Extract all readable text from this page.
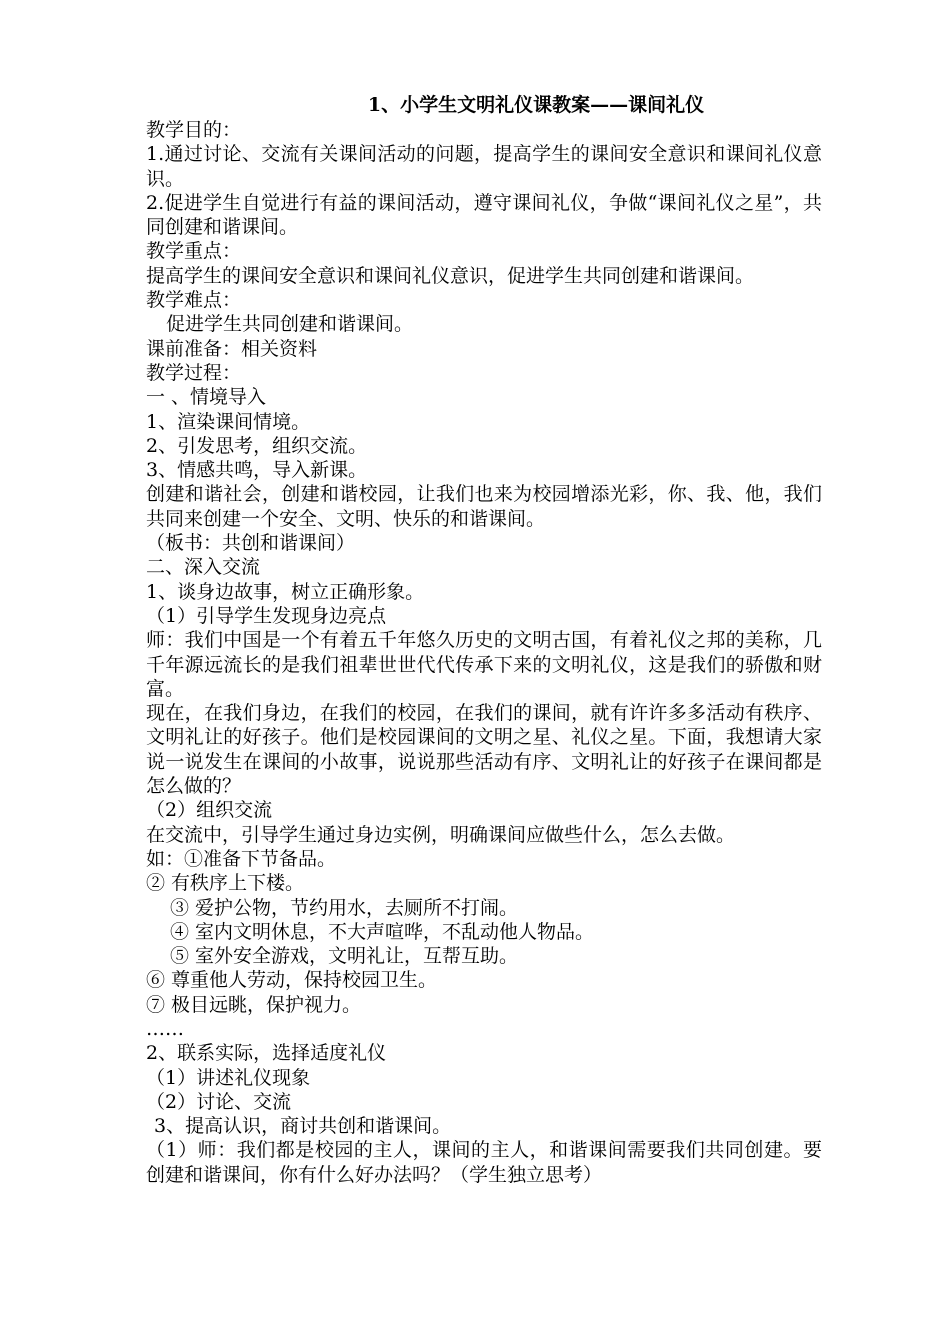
1、小学生文明礼仪课教案——课间礼仪

教学目的：

1.通过讨论、交流有关课间活动的问题，提高学生的课间安全意识和课间礼仪意识。

2.促进学生自觉进行有益的课间活动，遵守课间礼仪，争做“课间礼仪之星”，共同创建和谐课间。

教学重点：

提高学生的课间安全意识和课间礼仪意识，促进学生共同创建和谐课间。

教学难点：

促进学生共同创建和谐课间。

课前准备：相关资料

教学过程：

一 、情境导入

1、渲染课间情境。

2、引发思考，组织交流。

3、情感共鸣，导入新课。

创建和谐社会，创建和谐校园，让我们也来为校园增添光彩，你、我、他，我们共同来创建一个安全、文明、快乐的和谐课间。

（板书：共创和谐课间）

二、深入交流

1、谈身边故事，树立正确形象。

（1）引导学生发现身边亮点

师：我们中国是一个有着五千年悠久历史的文明古国，有着礼仪之邦的美称，几千年源远流长的是我们祖辈世世代代传承下来的文明礼仪，这是我们的骄傲和财富。

现在，在我们身边，在我们的校园，在我们的课间，就有许许多多活动有秩序、文明礼让的好孩子。他们是校园课间的文明之星、礼仪之星。下面，我想请大家说一说发生在课间的小故事，说说那些活动有序、文明礼让的好孩子在课间都是怎么做的？

（2）组织交流

在交流中，引导学生通过身边实例，明确课间应做些什么，怎么去做。

如：①准备下节备品。

② 有秩序上下楼。

③ 爱护公物，节约用水，去厕所不打闹。

④ 室内文明休息，不大声喧哗，不乱动他人物品。

⑤ 室外安全游戏，文明礼让，互帮互助。

⑥ 尊重他人劳动，保持校园卫生。

⑦ 极目远眺，保护视力。

……

2、联系实际，选择适度礼仪

（1）讲述礼仪现象

（2）讨论、交流

3、提高认识，商讨共创和谐课间。

（1）师：我们都是校园的主人，课间的主人，和谐课间需要我们共同创建。要创建和谐课间，你有什么好办法吗？（学生独立思考）
